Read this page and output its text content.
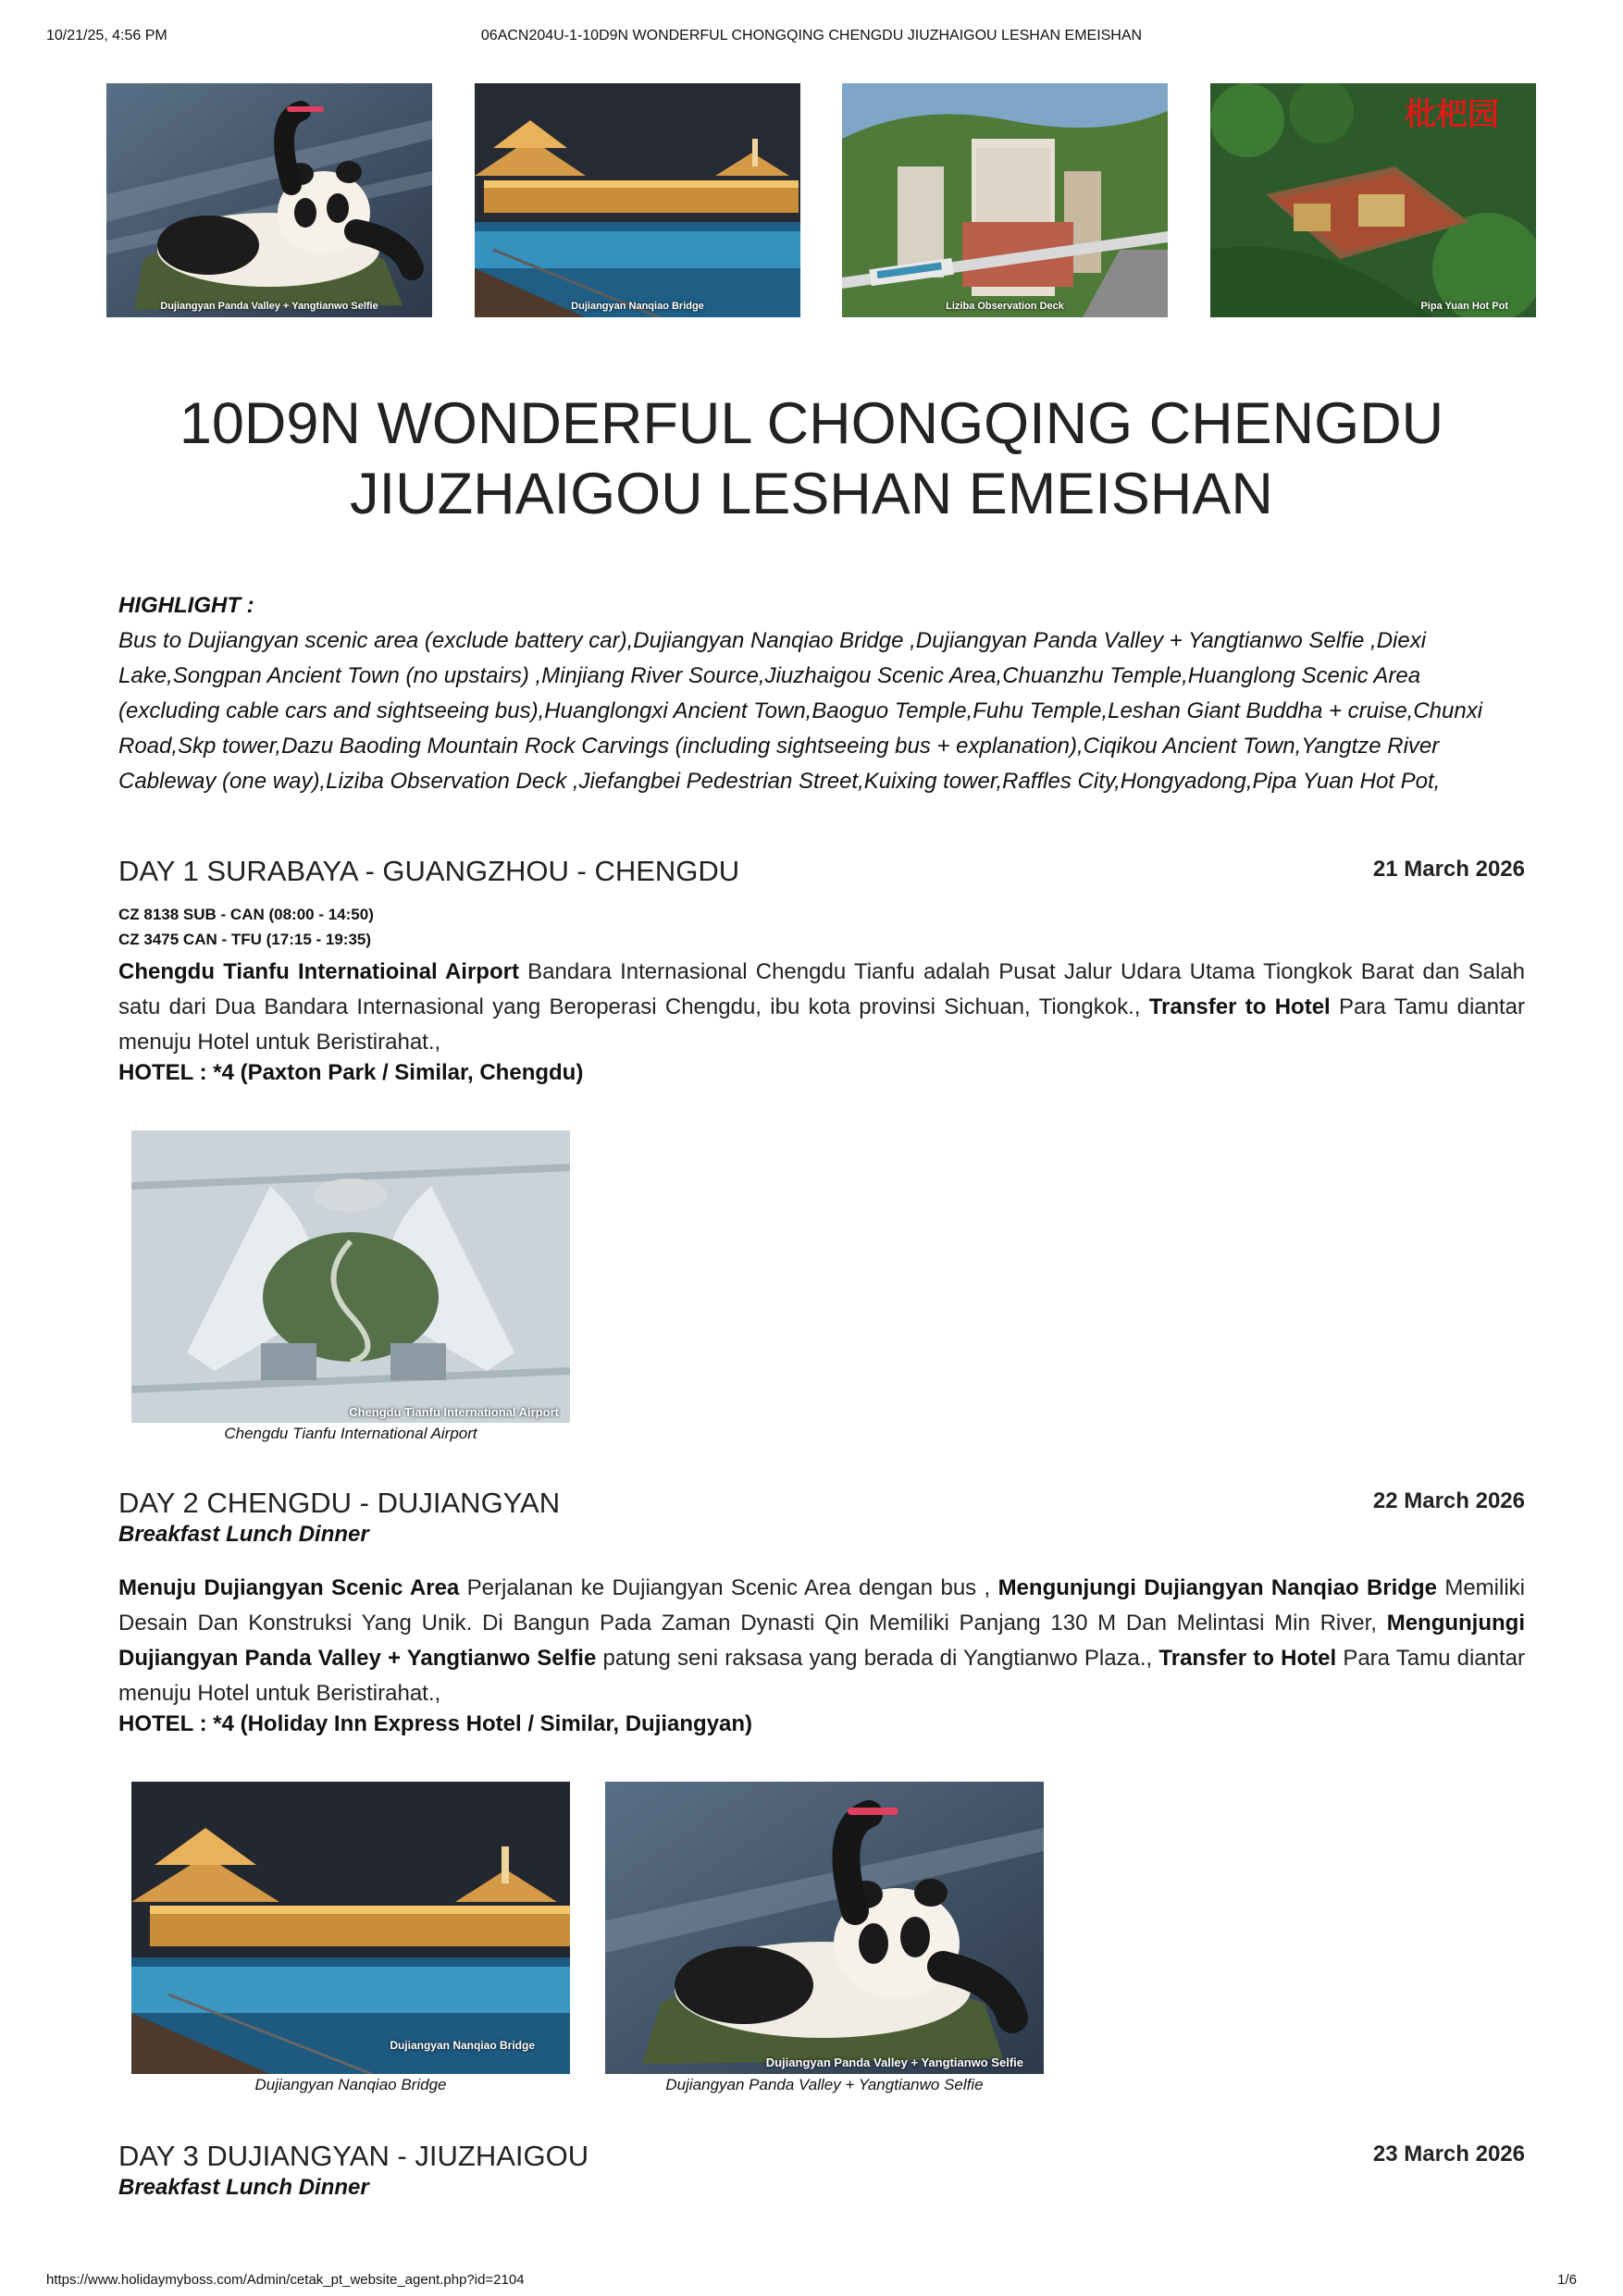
10/21/25, 4:56 PM	06ACN204U-1-10D9N WONDERFUL CHONGQING CHENGDU JIUZHAIGOU LESHAN EMEISHAN
Dujiangyan Panda Valley + Yangtianwo Selfie	Dujiangyan Nanqiao Bridge	Liziba Observation Deck
枇杷园
Pipa Yuan Hot Pot
10D9N WONDERFUL CHONGQING CHENGDU
JIUZHAIGOU LESHAN EMEISHAN
HIGHLIGHT :
Bus to Dujiangyan scenic area (exclude battery car),Dujiangyan Nanqiao Bridge ,Dujiangyan Panda Valley + Yangtianwo Selfie ,Diexi Lake,Songpan Ancient Town (no upstairs) ,Minjiang River Source,Jiuzhaigou Scenic Area,Chuanzhu Temple,Huanglong Scenic Area (excluding cable cars and sightseeing bus),Huanglongxi Ancient Town,Baoguo Temple,Fuhu Temple,Leshan Giant Buddha + cruise,Chunxi Road,Skp tower,Dazu Baoding Mountain Rock Carvings (including sightseeing bus + explanation),Ciqikou Ancient Town,Yangtze River Cableway (one way),Liziba Observation Deck ,Jiefangbei Pedestrian Street,Kuixing tower,Raffles City,Hongyadong,Pipa Yuan Hot Pot,
DAY 1 SURABAYA - GUANGZHOU - CHENGDU	21 March 2026
CZ 8138 SUB - CAN (08:00 - 14:50)
CZ 3475 CAN - TFU (17:15 - 19:35)
Chengdu Tianfu Internatioinal Airport Bandara Internasional Chengdu Tianfu adalah Pusat Jalur Udara Utama Tiongkok Barat dan Salah satu dari Dua Bandara Internasional yang Beroperasi Chengdu, ibu kota provinsi Sichuan, Tiongkok., Transfer to Hotel Para Tamu diantar menuju Hotel untuk Beristirahat.,
HOTEL : *4 (Paxton Park / Similar, Chengdu)
Chengdu Tianfu International Airport
Chengdu Tianfu International Airport
DAY 2 CHENGDU - DUJIANGYAN	22 March 2026
Breakfast Lunch Dinner
Menuju Dujiangyan Scenic Area Perjalanan ke Dujiangyan Scenic Area dengan bus , Mengunjungi Dujiangyan Nanqiao Bridge Memiliki Desain Dan Konstruksi Yang Unik. Di Bangun Pada Zaman Dynasti Qin Memiliki Panjang 130 M Dan Melintasi Min River, Mengunjungi Dujiangyan Panda Valley + Yangtianwo Selfie patung seni raksasa yang berada di Yangtianwo Plaza., Transfer to Hotel Para Tamu diantar menuju Hotel untuk Beristirahat.,
HOTEL : *4 (Holiday Inn Express Hotel / Similar, Dujiangyan)
Dujiangyan Nanqiao Bridge
Dujiangyan Nanqiao Bridge
Dujiangyan Panda Valley + Yangtianwo Selfie
Dujiangyan Panda Valley + Yangtianwo Selfie
DAY 3 DUJIANGYAN - JIUZHAIGOU	23 March 2026
Breakfast Lunch Dinner
https://www.holidaymyboss.com/Admin/cetak_pt_website_agent.php?id=2104	1/6
